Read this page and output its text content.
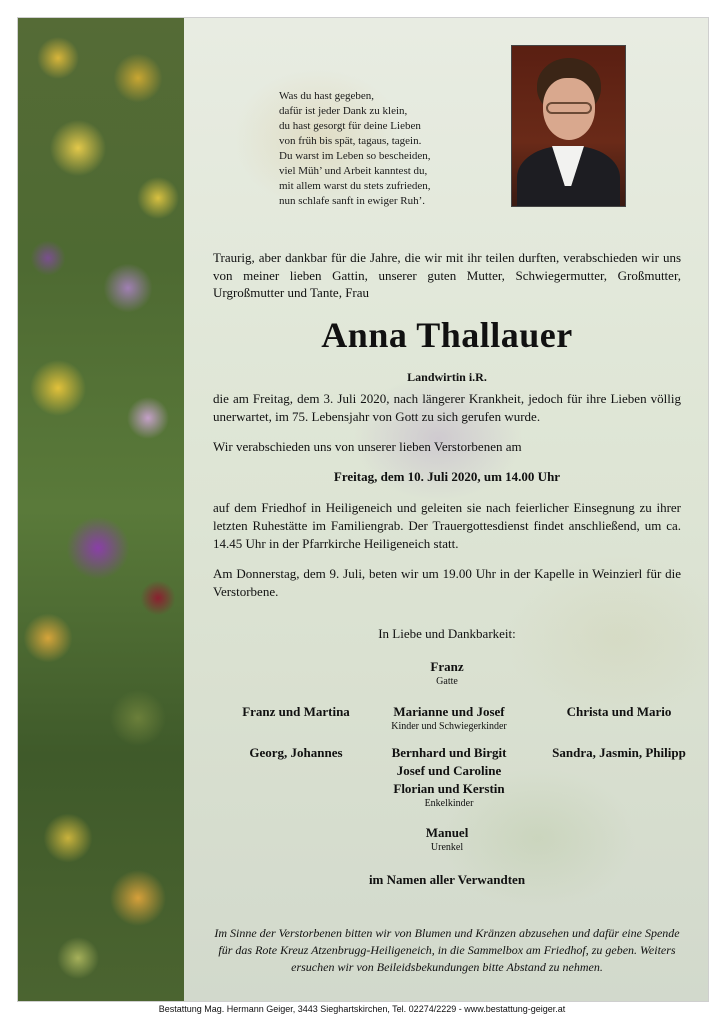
Was du hast gegeben,
dafür ist jeder Dank zu klein,
du hast gesorgt für deine Lieben
von früh bis spät, tagaus, tagein.
Du warst im Leben so bescheiden,
viel Müh’ und Arbeit kanntest du,
mit allem warst du stets zufrieden,
nun schlafe sanft in ewiger Ruh’.
Traurig, aber dankbar für die Jahre, die wir mit ihr teilen durften, verabschieden wir uns von meiner lieben Gattin, unserer guten Mutter, Schwiegermutter, Großmutter, Urgroßmutter und Tante, Frau
Anna Thallauer
Landwirtin i.R.
die am Freitag, dem 3. Juli 2020, nach längerer Krankheit, jedoch für ihre Lieben völlig unerwartet, im 75. Lebensjahr von Gott zu sich gerufen wurde.
Wir verabschieden uns von unserer lieben Verstorbenen am
Freitag, dem 10. Juli 2020, um 14.00 Uhr
auf dem Friedhof in Heiligeneich und geleiten sie nach feierlicher Einsegnung zu ihrer letzten Ruhestätte im Familiengrab. Der Trauergottesdienst findet anschließend, um ca. 14.45 Uhr in der Pfarrkirche Heiligeneich statt.
Am Donnerstag, dem 9. Juli, beten wir um 19.00 Uhr in der Kapelle in Weinzierl für die Verstorbene.
In Liebe und Dankbarkeit:
Franz
Gatte
Franz und Martina	Marianne und Josef
Kinder und Schwiegerkinder
Christa und Mario
Georg, Johannes	Bernhard und Birgit
Josef und Caroline
Florian und Kerstin
Enkelkinder
Sandra, Jasmin, Philipp
Manuel
Urenkel
im Namen aller Verwandten
Im Sinne der Verstorbenen bitten wir von Blumen und Kränzen abzusehen und dafür eine Spende für das Rote Kreuz Atzenbrugg-Heiligeneich, in die Sammelbox am Friedhof, zu geben. Weiters ersuchen wir von Beileidsbekundungen bitte Abstand zu nehmen.
Bestattung Mag. Hermann Geiger, 3443 Sieghartskirchen, Tel. 02274/2229 - www.bestattung-geiger.at
